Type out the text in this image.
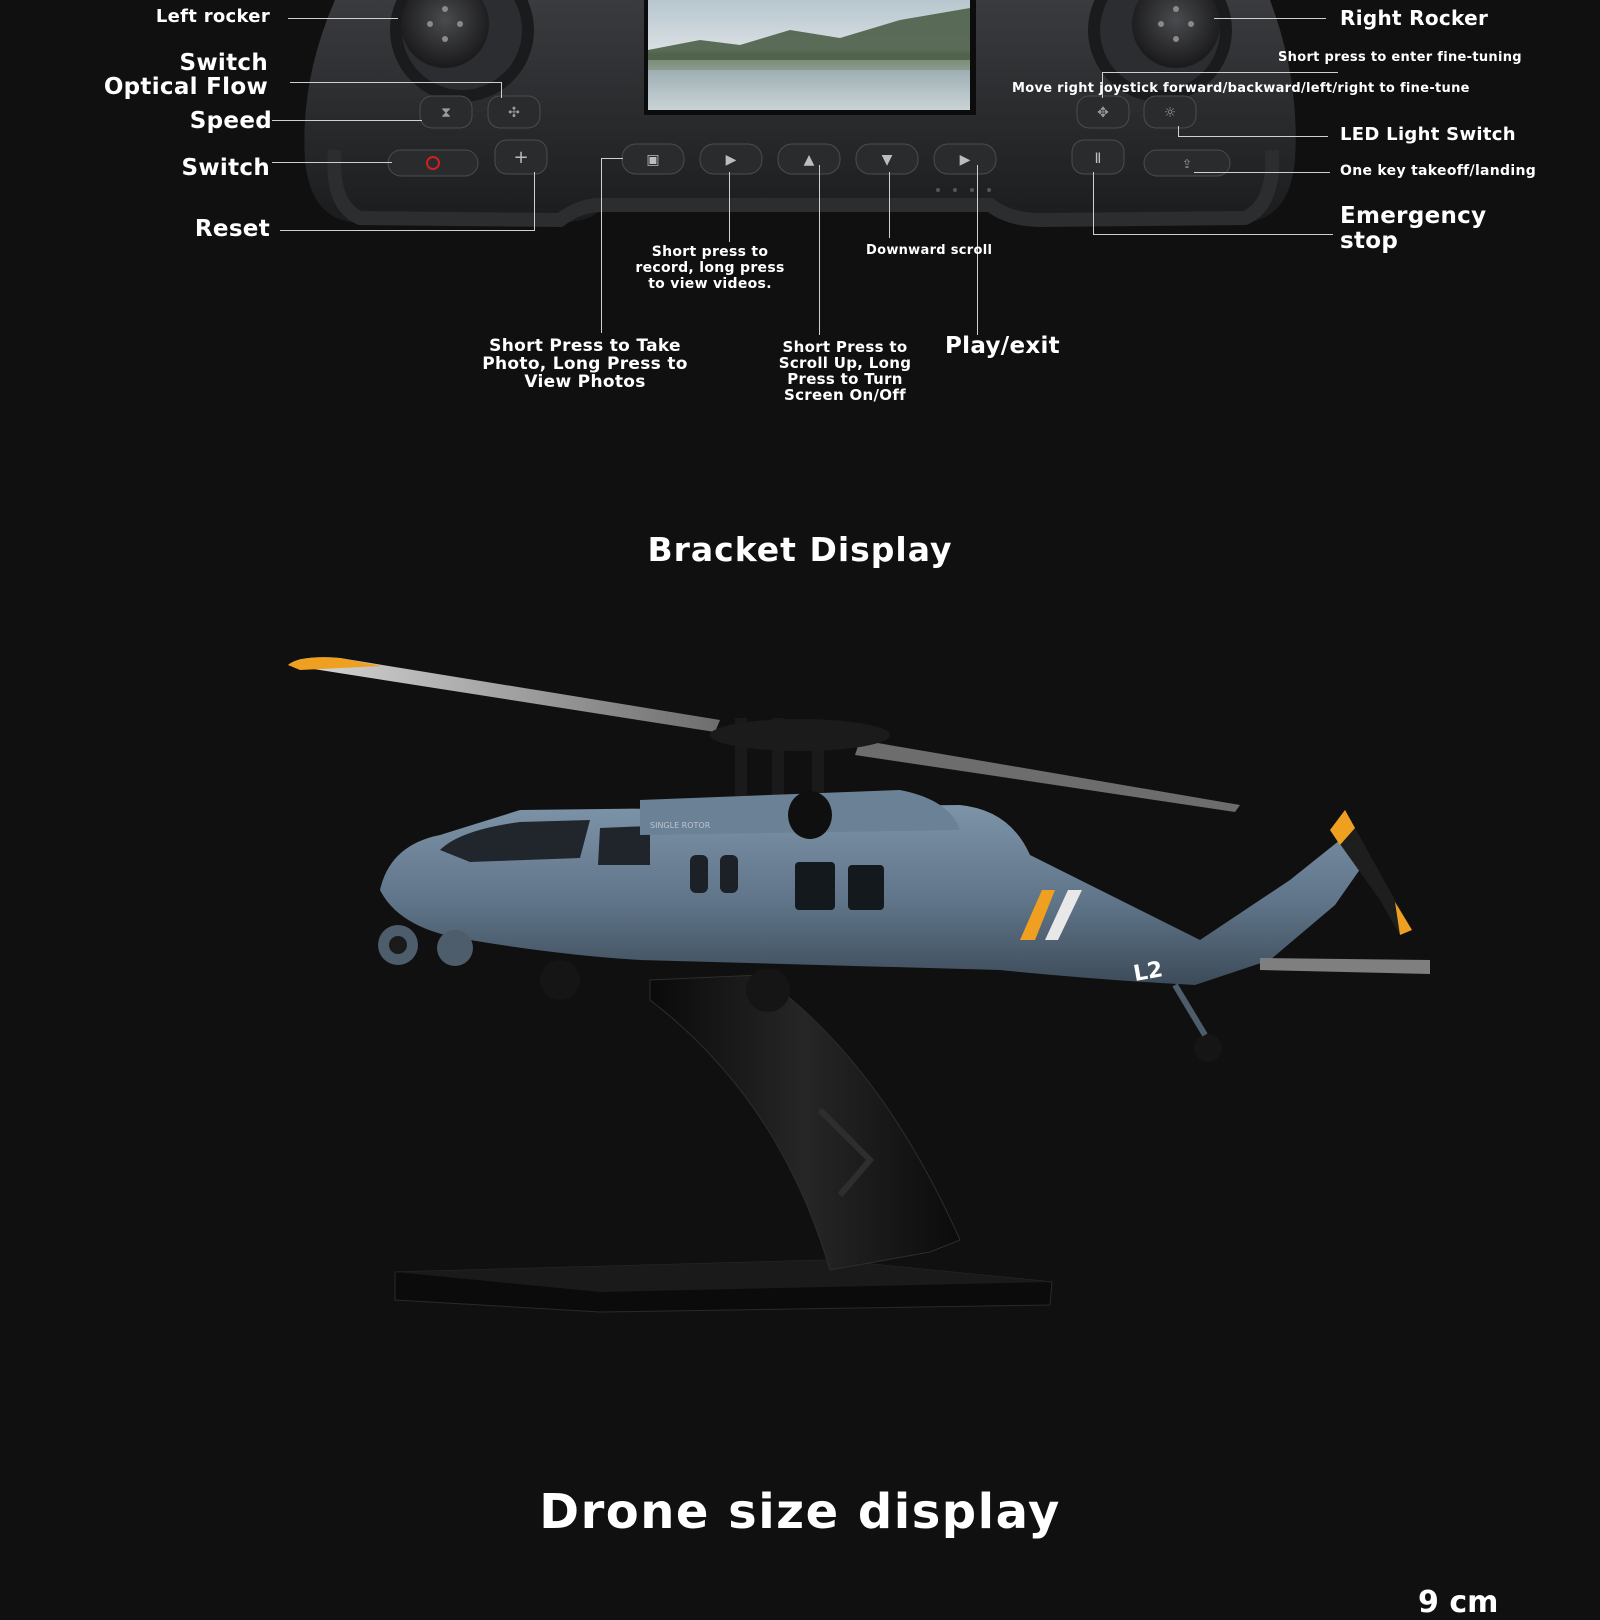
⧗	✣
+	▣	▶	▲	▼	▶
✥	☼
Ⅱ	⇪
Left rocker
Switch
Optical Flow
Speed
Switch
Reset
Right Rocker
Short press to enter fine-tuning
Move right joystick forward/backward/left/right to fine-tune
LED Light Switch
One key takeoff/landing
Emergency
stop
Short press to
record, long press
to view videos.
Downward scroll
Short Press to Take
Photo, Long Press to
View Photos
Short Press to
Scroll Up, Long
Press to Turn
Screen On/Off
Play/exit
Bracket Display
L2
SINGLE ROTOR
Drone size display
9 cm
